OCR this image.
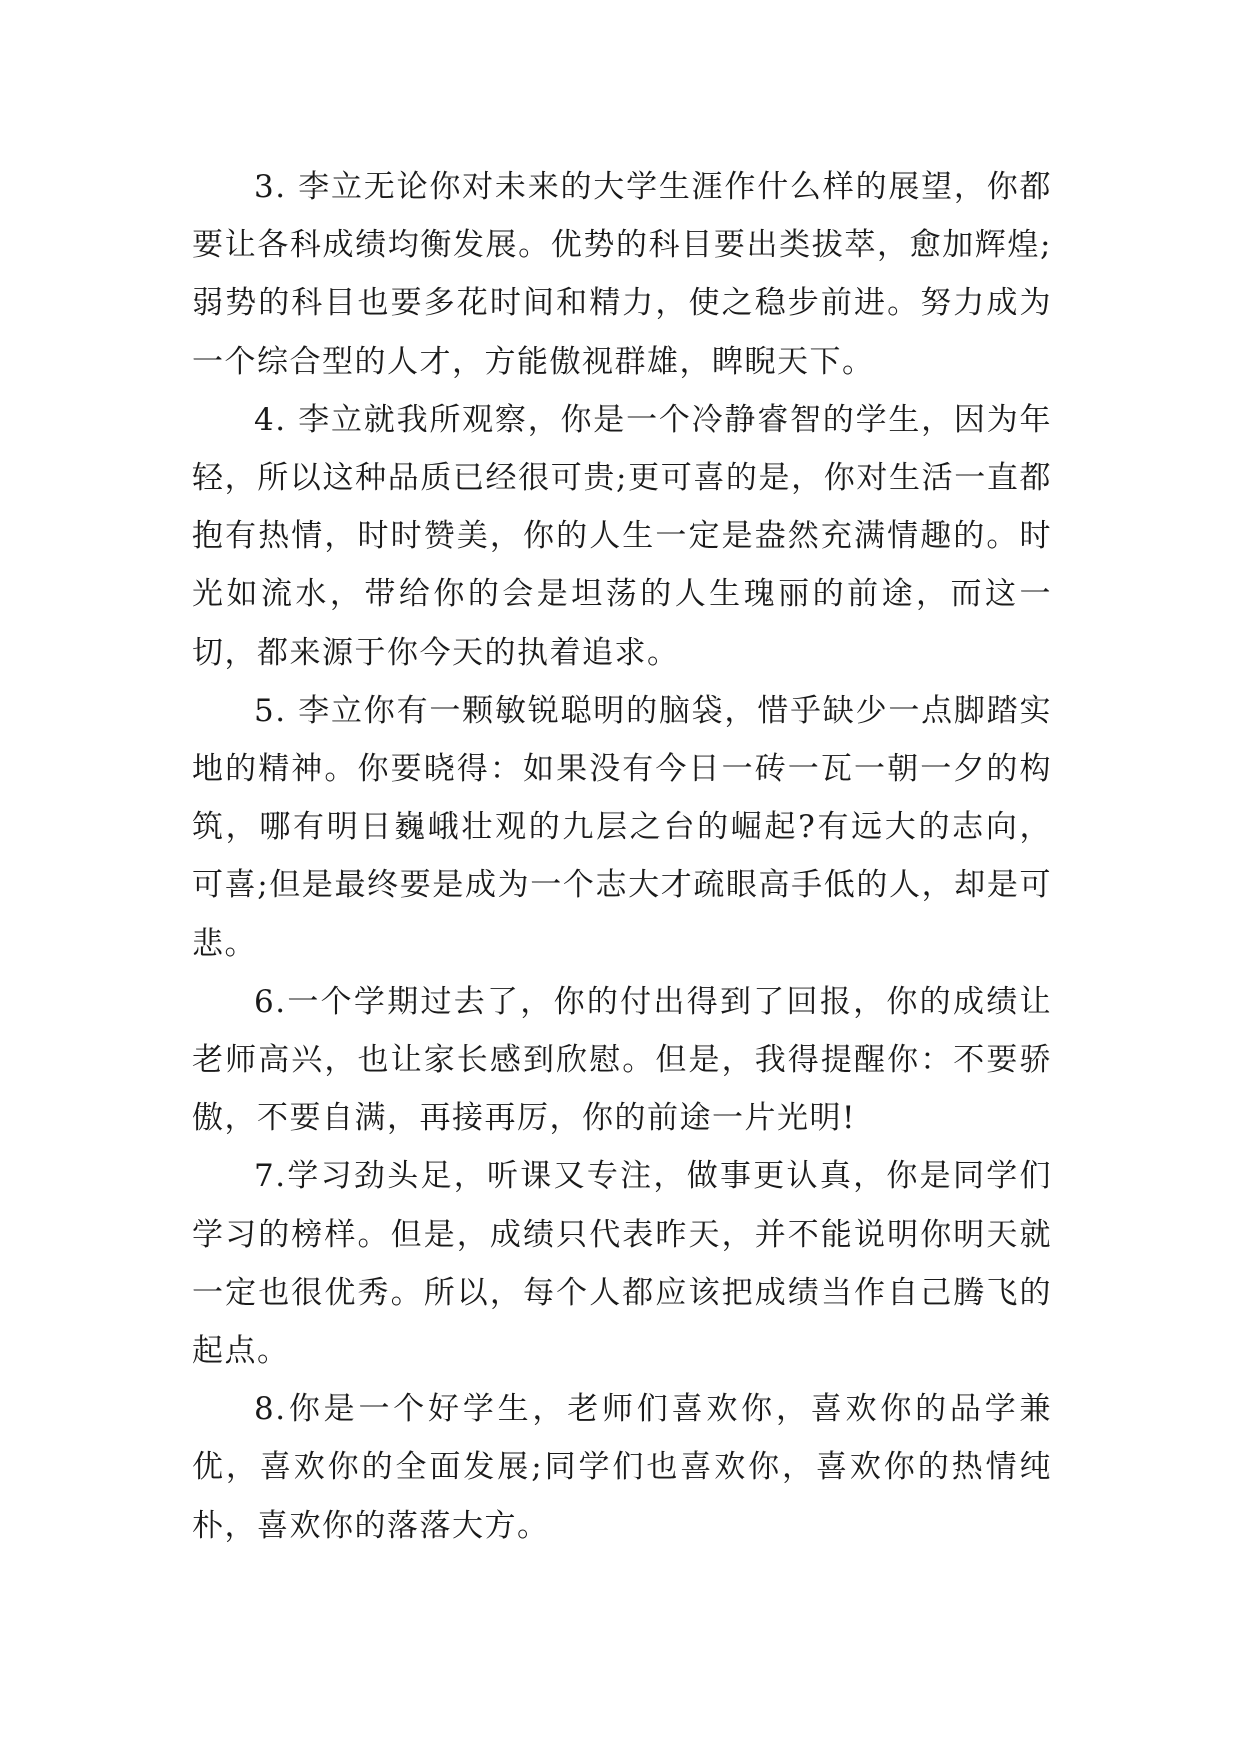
3. 李立无论你对未来的大学生涯作什么样的展望，你都要让各科成绩均衡发展。优势的科目要出类拔萃，愈加辉煌;弱势的科目也要多花时间和精力，使之稳步前进。努力成为一个综合型的人才，方能傲视群雄，睥睨天下。

4. 李立就我所观察，你是一个冷静睿智的学生，因为年轻，所以这种品质已经很可贵;更可喜的是，你对生活一直都抱有热情，时时赞美，你的人生一定是盎然充满情趣的。时光如流水，带给你的会是坦荡的人生瑰丽的前途，而这一切，都来源于你今天的执着追求。

5. 李立你有一颗敏锐聪明的脑袋，惜乎缺少一点脚踏实地的精神。你要晓得：如果没有今日一砖一瓦一朝一夕的构筑，哪有明日巍峨壮观的九层之台的崛起?有远大的志向，可喜;但是最终要是成为一个志大才疏眼高手低的人，却是可悲。

6.一个学期过去了，你的付出得到了回报，你的成绩让老师高兴，也让家长感到欣慰。但是，我得提醒你：不要骄傲，不要自满，再接再厉，你的前途一片光明!

7.学习劲头足，听课又专注，做事更认真，你是同学们学习的榜样。但是，成绩只代表昨天，并不能说明你明天就一定也很优秀。所以，每个人都应该把成绩当作自己腾飞的起点。

8.你是一个好学生，老师们喜欢你，喜欢你的品学兼优，喜欢你的全面发展;同学们也喜欢你，喜欢你的热情纯朴，喜欢你的落落大方。
